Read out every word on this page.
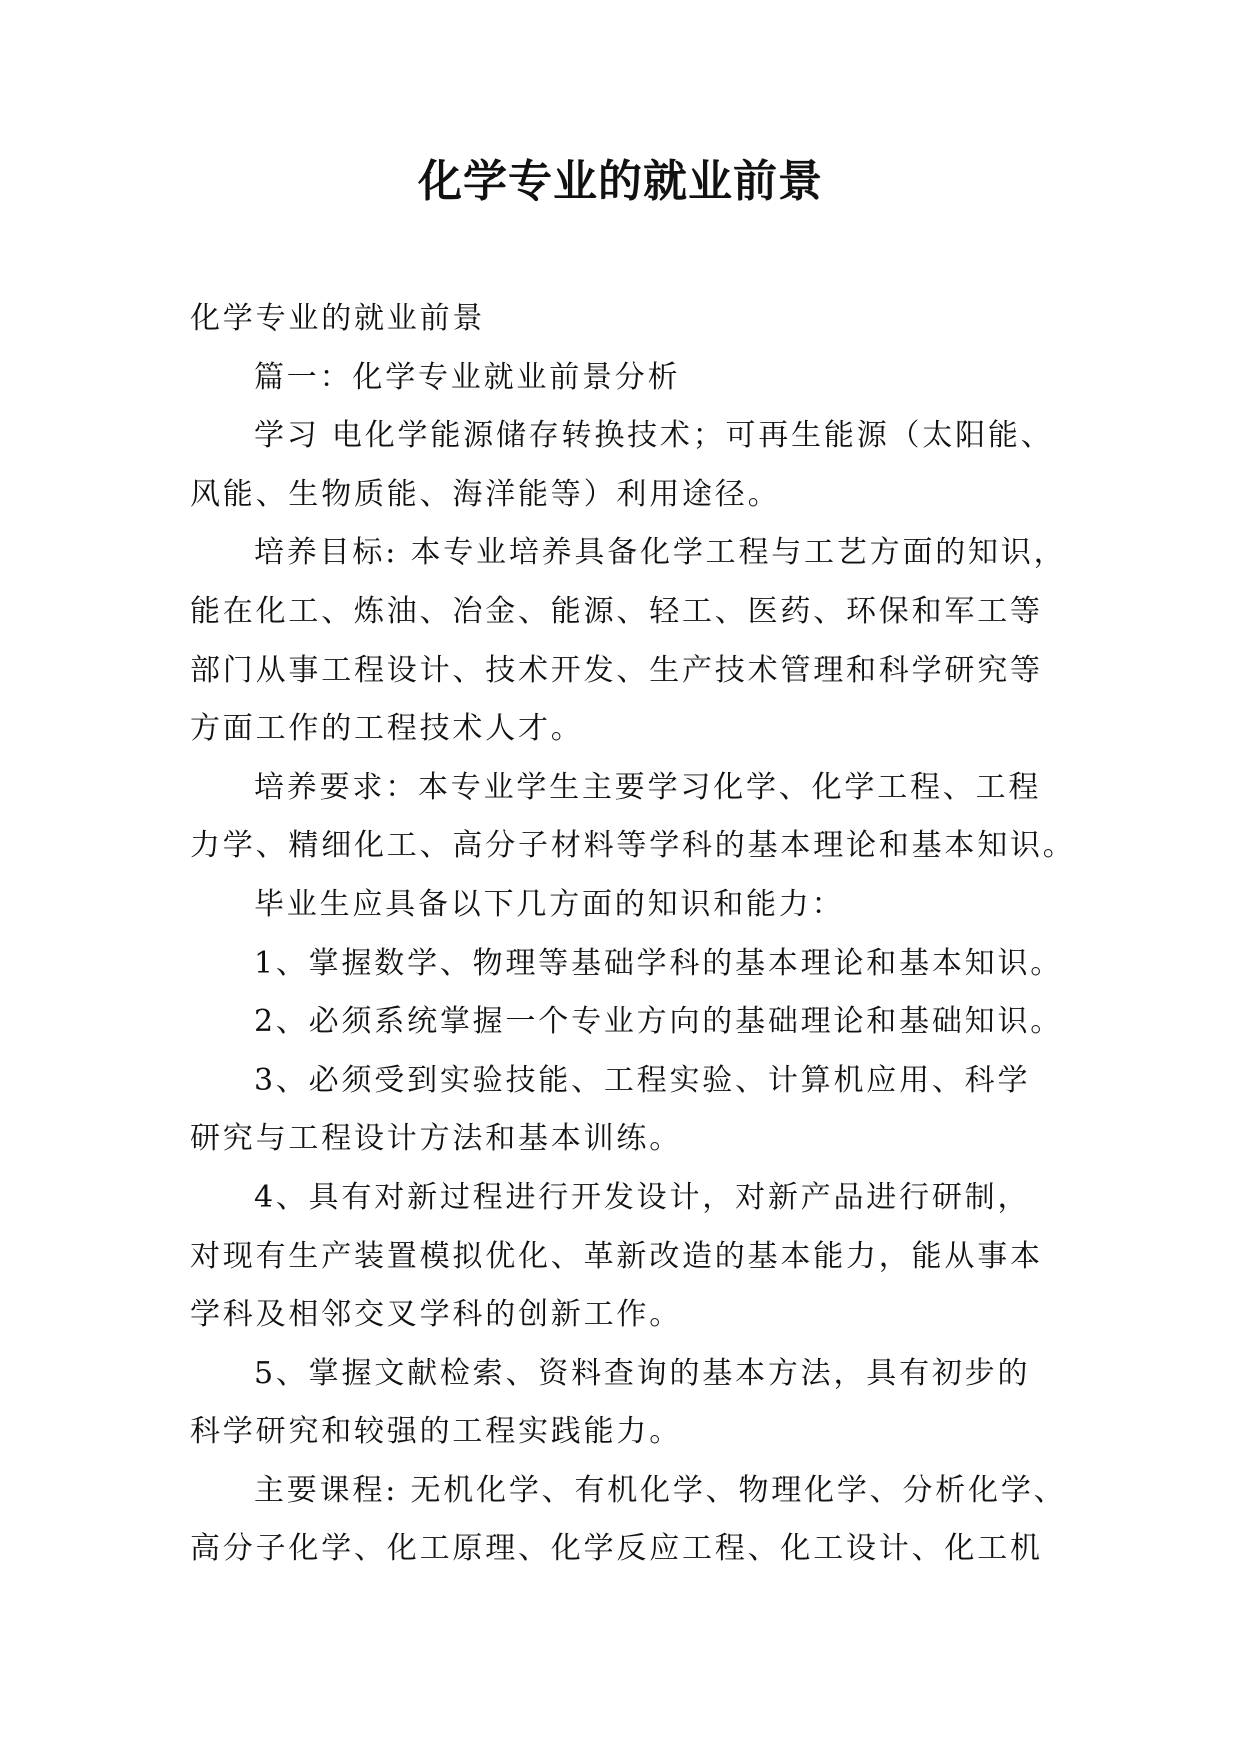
化学专业的就业前景
化学专业的就业前景
篇一：化学专业就业前景分析
学习 电化学能源储存转换技术；可再生能源（太阳能、
风能、生物质能、海洋能等）利用途径。
培养目标: 本专业培养具备化学工程与工艺方面的知识，
能在化工、炼油、冶金、能源、轻工、医药、环保和军工等
部门从事工程设计、技术开发、生产技术管理和科学研究等
方面工作的工程技术人才。
培养要求：本专业学生主要学习化学、化学工程、工程
力学、精细化工、高分子材料等学科的基本理论和基本知识。
毕业生应具备以下几方面的知识和能力：
1、掌握数学、物理等基础学科的基本理论和基本知识。
2、必须系统掌握一个专业方向的基础理论和基础知识。
3、必须受到实验技能、工程实验、计算机应用、科学
研究与工程设计方法和基本训练。
4、具有对新过程进行开发设计，对新产品进行研制，
对现有生产装置模拟优化、革新改造的基本能力，能从事本
学科及相邻交叉学科的创新工作。
5、掌握文献检索、资料查询的基本方法，具有初步的
科学研究和较强的工程实践能力。
主要课程: 无机化学、有机化学、物理化学、分析化学、
高分子化学、化工原理、化学反应工程、化工设计、化工机
